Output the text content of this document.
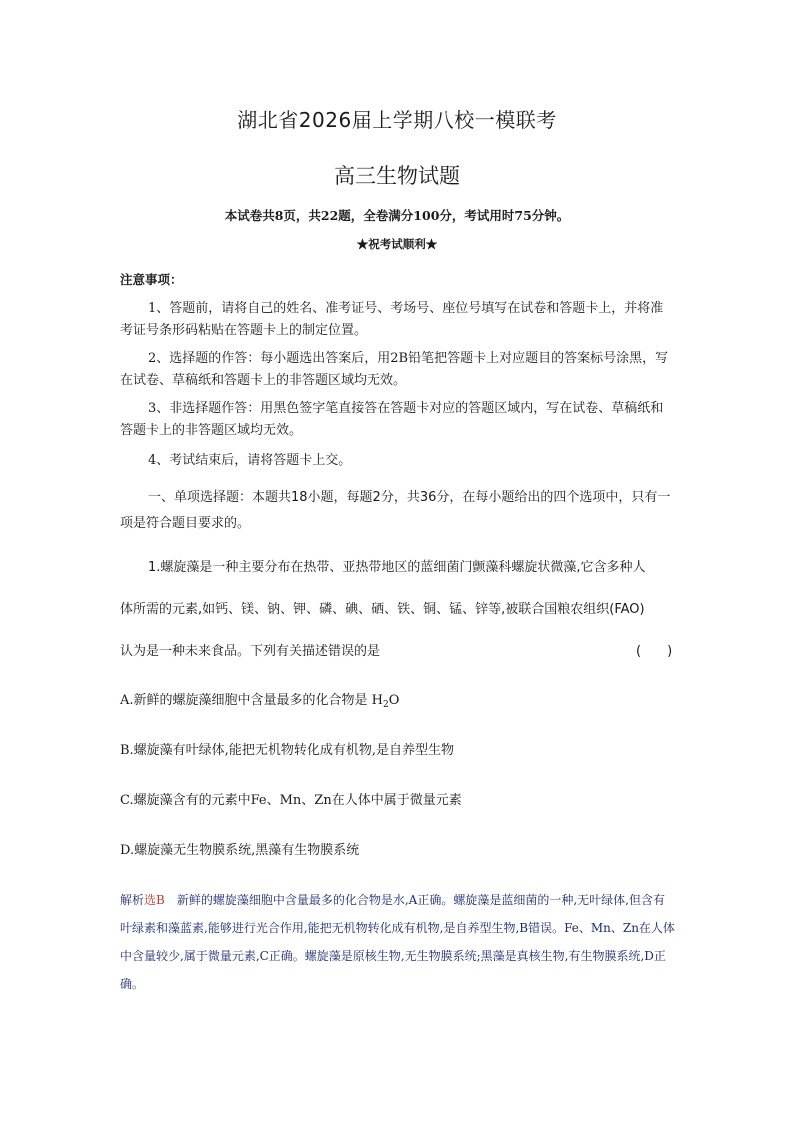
湖北省2026届上学期八校一模联考
高三生物试题
本试卷共8页，共22题，全卷满分100分，考试用时75分钟。
★祝考试顺利★
注意事项：
1、答题前，请将自己的姓名、准考证号、考场号、座位号填写在试卷和答题卡上，并将准考证号条形码粘贴在答题卡上的制定位置。
2、选择题的作答：每小题选出答案后，用2B铅笔把答题卡上对应题目的答案标号涂黑，写在试卷、草稿纸和答题卡上的非答题区域均无效。
3、非选择题作答：用黑色签字笔直接答在答题卡对应的答题区域内，写在试卷、草稿纸和答题卡上的非答题区域均无效。
4、考试结束后，请将答题卡上交。
一、单项选择题：本题共18小题，每题2分，共36分，在每小题给出的四个选项中，只有一项是符合题目要求的。
1.螺旋藻是一种主要分布在热带、亚热带地区的蓝细菌门颤藻科螺旋状微藻,它含多种人
体所需的元素,如钙、镁、钠、钾、磷、碘、硒、铁、铜、锰、锌等,被联合国粮农组织(FAO)
认为是一种未来食品。下列有关描述错误的是	(　　)
A.新鲜的螺旋藻细胞中含量最多的化合物是 $H_2O$
B.螺旋藻有叶绿体,能把无机物转化成有机物,是自养型生物
C.螺旋藻含有的元素中Fe、Mn、Zn在人体中属于微量元素
D.螺旋藻无生物膜系统,黑藻有生物膜系统
解析选B　新鲜的螺旋藻细胞中含量最多的化合物是水,A正确。螺旋藻是蓝细菌的一种,无叶绿体,但含有叶绿素和藻蓝素,能够进行光合作用,能把无机物转化成有机物,是自养型生物,B错误。Fe、Mn、Zn在人体中含量较少,属于微量元素,C正确。螺旋藻是原核生物,无生物膜系统;黑藻是真核生物,有生物膜系统,D正确。
